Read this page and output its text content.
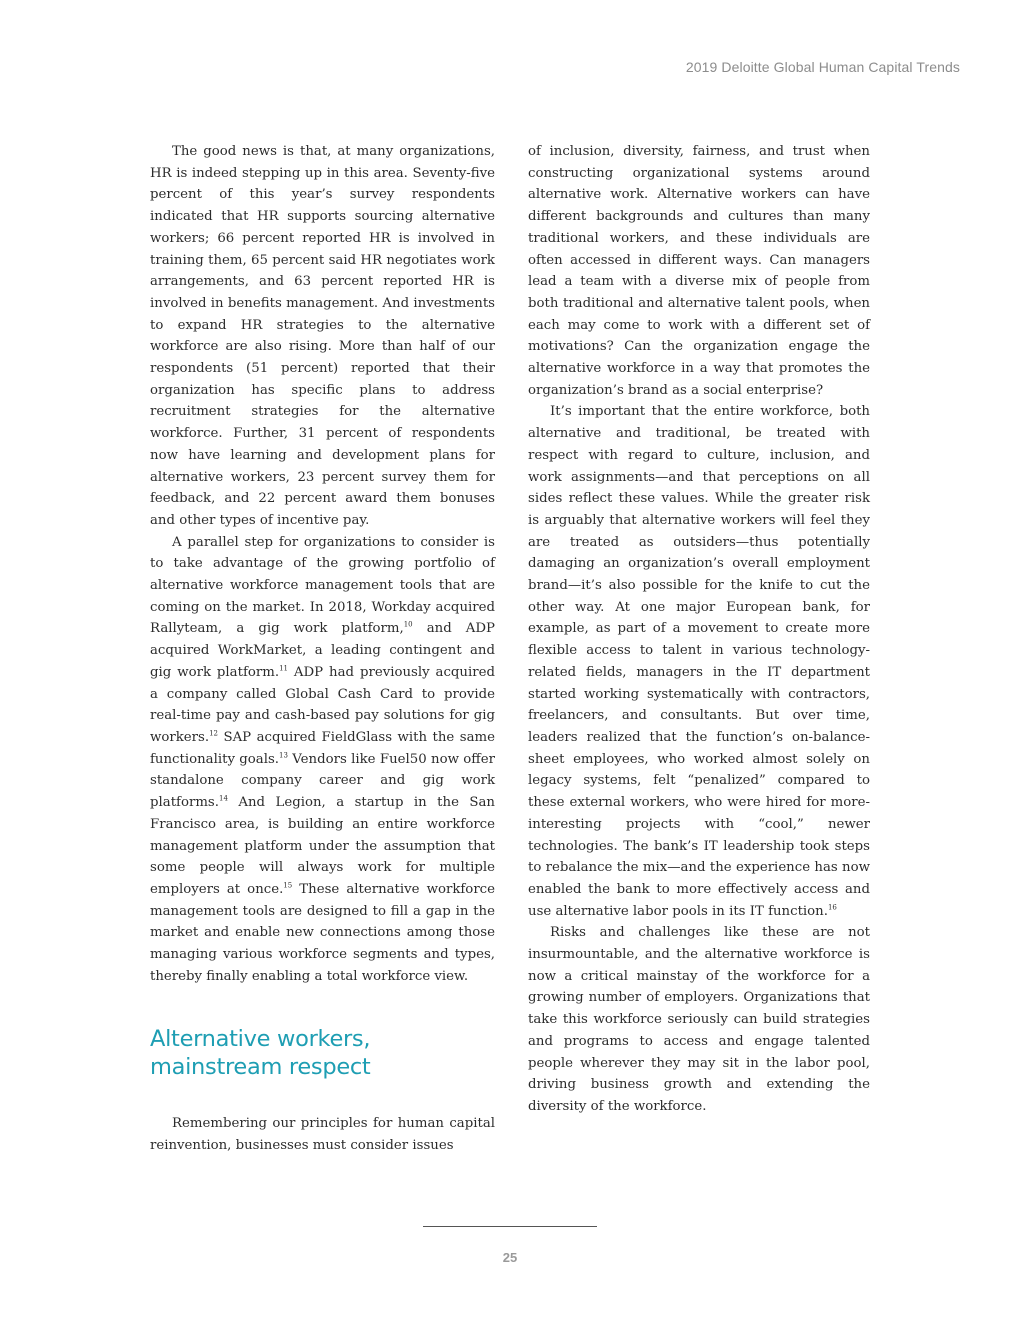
2019 Deloitte Global Human Capital Trends

The good news is that, at many organizations, HR is indeed stepping up in this area. Seventy-five percent of this year’s survey respondents indicated that HR supports sourcing alternative workers; 66 percent reported HR is involved in training them, 65 percent said HR negotiates work arrangements, and 63 percent reported HR is involved in benefits management. And investments to expand HR strategies to the alternative workforce are also rising. More than half of our respondents (51 percent) reported that their organization has specific plans to address recruitment strategies for the alternative workforce. Further, 31 percent of respondents now have learning and development plans for alternative workers, 23 percent survey them for feedback, and 22 percent award them bonuses and other types of incentive pay.

A parallel step for organizations to consider is to take advantage of the growing portfolio of alternative workforce management tools that are coming on the market. In 2018, Workday acquired Rallyteam, a gig work platform,$^{10}$ and ADP acquired WorkMarket, a leading contingent and gig work platform.$^{11}$ ADP had previously acquired a company called Global Cash Card to provide real-time pay and cash-based pay solutions for gig workers.$^{12}$ SAP acquired FieldGlass with the same functionality goals.$^{13}$ Vendors like Fuel50 now offer standalone company career and gig work platforms.$^{14}$ And Legion, a startup in the San Francisco area, is building an entire workforce management platform under the assumption that some people will always work for multiple employers at once.$^{15}$ These alternative workforce management tools are designed to fill a gap in the market and enable new connections among those managing various workforce segments and types, thereby finally enabling a total workforce view.

Alternative workers,
mainstream respect

Remembering our principles for human capital reinvention, businesses must consider issues

of inclusion, diversity, fairness, and trust when constructing organizational systems around alternative work. Alternative workers can have different backgrounds and cultures than many traditional workers, and these individuals are often accessed in different ways. Can managers lead a team with a diverse mix of people from both traditional and alternative talent pools, when each may come to work with a different set of motivations? Can the organization engage the alternative workforce in a way that promotes the organization’s brand as a social enterprise?

It’s important that the entire workforce, both alternative and traditional, be treated with respect with regard to culture, inclusion, and work assignments—and that perceptions on all sides reflect these values. While the greater risk is arguably that alternative workers will feel they are treated as outsiders—thus potentially damaging an organization’s overall employment brand—it’s also possible for the knife to cut the other way. At one major European bank, for example, as part of a movement to create more flexible access to talent in various technology-related fields, managers in the IT department started working systematically with contractors, freelancers, and consultants. But over time, leaders realized that the function’s on-balance-sheet employees, who worked almost solely on legacy systems, felt “penalized” compared to these external workers, who were hired for more-interesting projects with “cool,” newer technologies. The bank’s IT leadership took steps to rebalance the mix—and the experience has now enabled the bank to more effectively access and use alternative labor pools in its IT function.$^{16}$

Risks and challenges like these are not insurmountable, and the alternative workforce is now a critical mainstay of the workforce for a growing number of employers. Organizations that take this workforce seriously can build strategies and programs to access and engage talented people wherever they may sit in the labor pool, driving business growth and extending the diversity of the workforce.

25
